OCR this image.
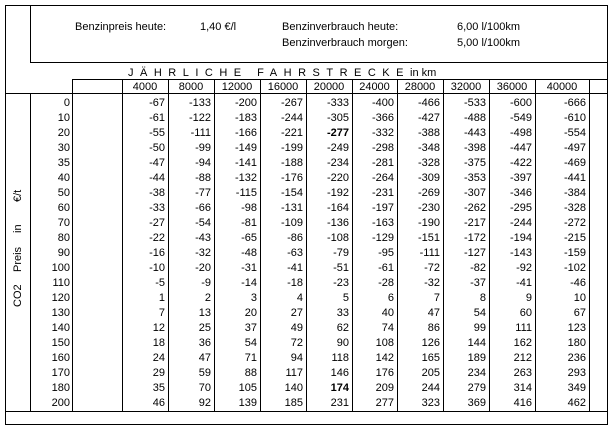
Benzinpreis heute:	1,40 €/l	Benzinverbrauch heute:	6,00 l/100km
Benzinverbrauch morgen:	5,00 l/100km
JÄHRLICHE FAHRSTRECKE in km
4000	8000	12000	16000	20000	24000	28000	32000	36000	40000
0	-67	-133	-200	-267	-333	-400	-466	-533	-600	-666
10	-61	-122	-183	-244	-305	-366	-427	-488	-549	-610
20	-55	-111	-166	-221	-277	-332	-388	-443	-498	-554
30	-50	-99	-149	-199	-249	-298	-348	-398	-447	-497
35	-47	-94	-141	-188	-234	-281	-328	-375	-422	-469
40	-44	-88	-132	-176	-220	-264	-309	-353	-397	-441
50	-38	-77	-115	-154	-192	-231	-269	-307	-346	-384
60	-33	-66	-98	-131	-164	-197	-230	-262	-295	-328
70	-27	-54	-81	-109	-136	-163	-190	-217	-244	-272
80	-22	-43	-65	-86	-108	-129	-151	-172	-194	-215
90	-16	-32	-48	-63	-79	-95	-111	-127	-143	-159
100	-10	-20	-31	-41	-51	-61	-72	-82	-92	-102
110	-5	-9	-14	-18	-23	-28	-32	-37	-41	-46
120	1	2	3	4	5	6	7	8	9	10
130	7	13	20	27	33	40	47	54	60	67
140	12	25	37	49	62	74	86	99	111	123
150	18	36	54	72	90	108	126	144	162	180
160	24	47	71	94	118	142	165	189	212	236
170	29	59	88	117	146	176	205	234	263	293
180	35	70	105	140	174	209	244	279	314	349
200	46	92	139	185	231	277	323	369	416	462
CO2
Preis
in
€/t
